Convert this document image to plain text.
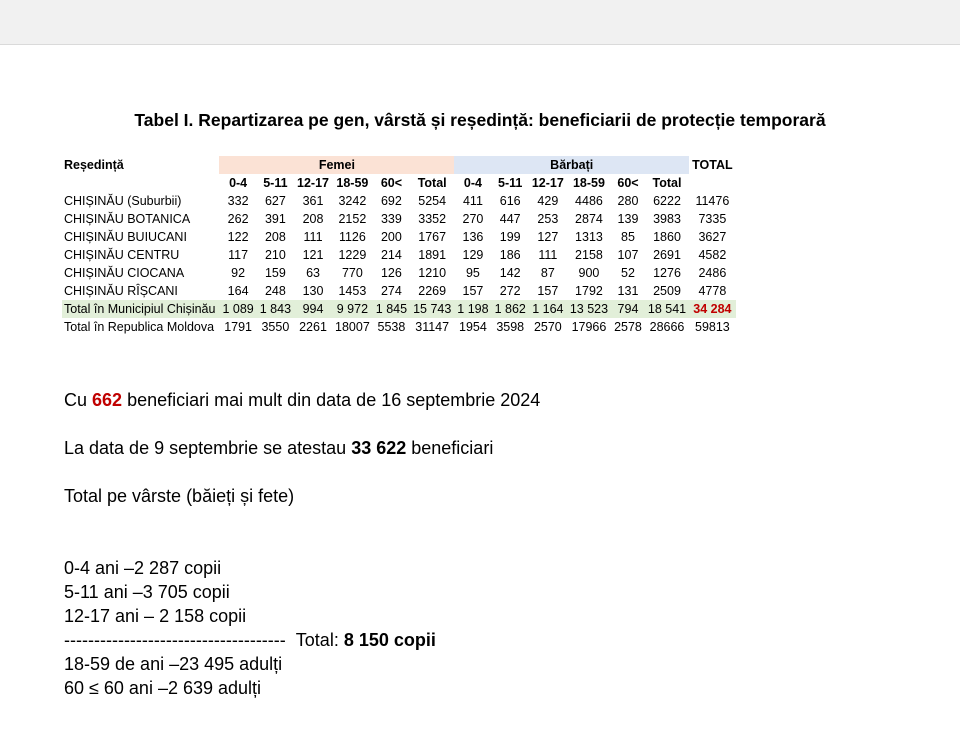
Tabel I. Repartizarea pe gen, vârstă și reședință: beneficiarii de protecție temporară
Reședință	Femei						Bărbați						TOTAL
	0-4	5-11	12-17	18-59	60<	Total	0-4	5-11	12-17	18-59	60<	Total	
CHIȘINĂU (Suburbii)	332	627	361	3242	692	5254	411	616	429	4486	280	6222	11476
CHIȘINĂU BOTANICA	262	391	208	2152	339	3352	270	447	253	2874	139	3983	7335
CHIȘINĂU BUIUCANI	122	208	111	1126	200	1767	136	199	127	1313	85	1860	3627
CHIȘINĂU CENTRU	117	210	121	1229	214	1891	129	186	111	2158	107	2691	4582
CHIȘINĂU CIOCANA	92	159	63	770	126	1210	95	142	87	900	52	1276	2486
CHIȘINĂU RÎȘCANI	164	248	130	1453	274	2269	157	272	157	1792	131	2509	4778
Total în Municipiul Chișinău	1 089	1 843	994	9 972	1 845	15 743	1 198	1 862	1 164	13 523	794	18 541	34 284
Total în Republica Moldova	1791	3550	2261	18007	5538	31147	1954	3598	2570	17966	2578	28666	59813
Cu 662 beneficiari mai mult din data de 16 septembrie 2024
La data de 9 septembrie se atestau 33 622 beneficiari
Total pe vârste (băieți și fete)
0-4 ani –2 287 copii
5-11 ani –3 705 copii
12-17 ani – 2 158 copii
------------------------------------- Total: 8 150 copii
18-59 de ani –23 495 adulți
60 ≤ 60 ani –2 639 adulți
